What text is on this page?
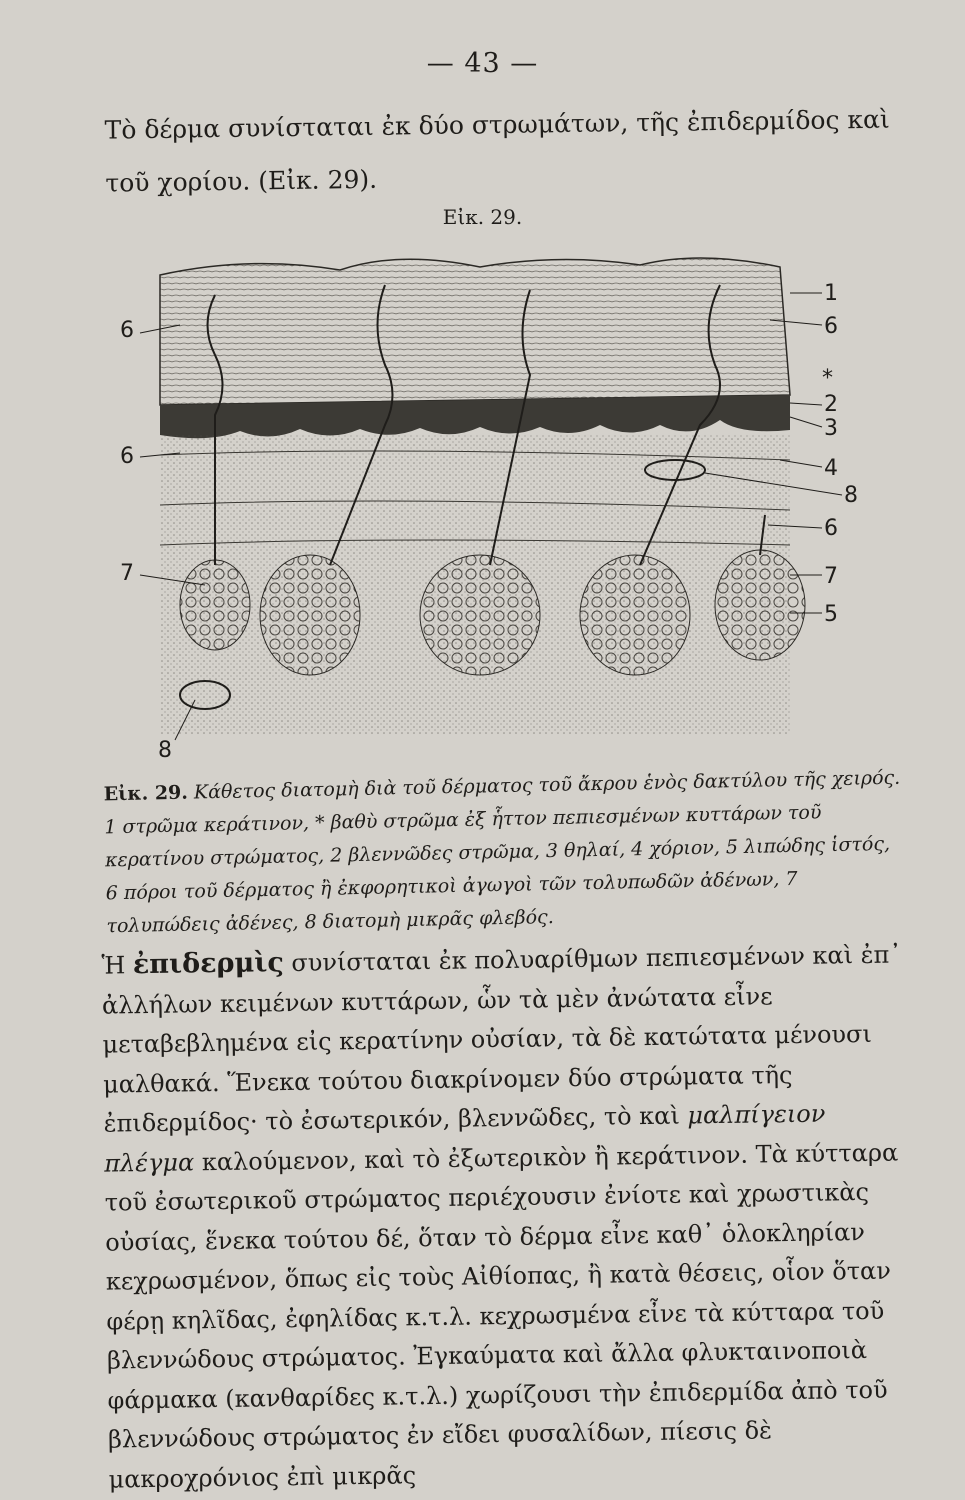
— 43 —
Τὸ δέρμα συνίσταται ἐκ δύο στρωμάτων, τῆς ἐπιδερμίδος καὶ τοῦ χορίου. (Εἰκ. 29).
Εἰκ. 29.
6
6
7
8
*
1
6
2
3
4
8
6
7
5
Εἰκ. 29. Κάθετος διατομὴ διὰ τοῦ δέρματος τοῦ ἄκρου ἑνὸς δακτύλου τῆς χειρός. 1 στρῶμα κεράτινον, * βαθὺ στρῶμα ἐξ ἧττον πεπιεσμένων κυττάρων τοῦ κερατίνου στρώματος, 2 βλεννῶδες στρῶμα, 3 θηλαί, 4 χόριον, 5 λιπώδης ἱστός, 6 πόροι τοῦ δέρματος ἢ ἐκφορητικοὶ ἀγωγοὶ τῶν τολυπωδῶν ἀδένων, 7 τολυπώδεις ἀδένες, 8 διατομὴ μικρᾶς φλεβός.
Ἡ ἐπιδερμὶς συνίσταται ἐκ πολυαρίθμων πεπιεσμένων καὶ ἐπ᾿ ἀλλήλων κειμένων κυττάρων, ὧν τὰ μὲν ἀνώτατα εἶνε μεταβεβλημένα εἰς κερατίνην οὐσίαν, τὰ δὲ κατώτατα μένουσι μαλθακά. Ἕνεκα τούτου διακρίνομεν δύο στρώματα τῆς ἐπιδερμίδος· τὸ ἐσωτερικόν, βλεννῶδες, τὸ καὶ μαλπίγειον πλέγμα καλούμενον, καὶ τὸ ἐξωτερικὸν ἢ κεράτινον. Τὰ κύτταρα τοῦ ἐσωτερικοῦ στρώματος περιέχουσιν ἐνίοτε καὶ χρωστικὰς οὐσίας, ἕνεκα τούτου δέ, ὅταν τὸ δέρμα εἶνε καθ᾿ ὁλοκληρίαν κεχρωσμένον, ὅπως εἰς τοὺς Αἰθίοπας, ἢ κατὰ θέσεις, οἷον ὅταν φέρῃ κηλῖδας, ἐφηλίδας κ.τ.λ. κεχρωσμένα εἶνε τὰ κύτταρα τοῦ βλεννώδους στρώματος. Ἐγκαύματα καὶ ἄλλα φλυκταινοποιὰ φάρμακα (κανθαρίδες κ.τ.λ.) χωρίζουσι τὴν ἐπιδερμίδα ἀπὸ τοῦ βλεννώδους στρώματος ἐν εἴδει φυσαλίδων, πίεσις δὲ μακροχρόνιος ἐπὶ μικρᾶς
